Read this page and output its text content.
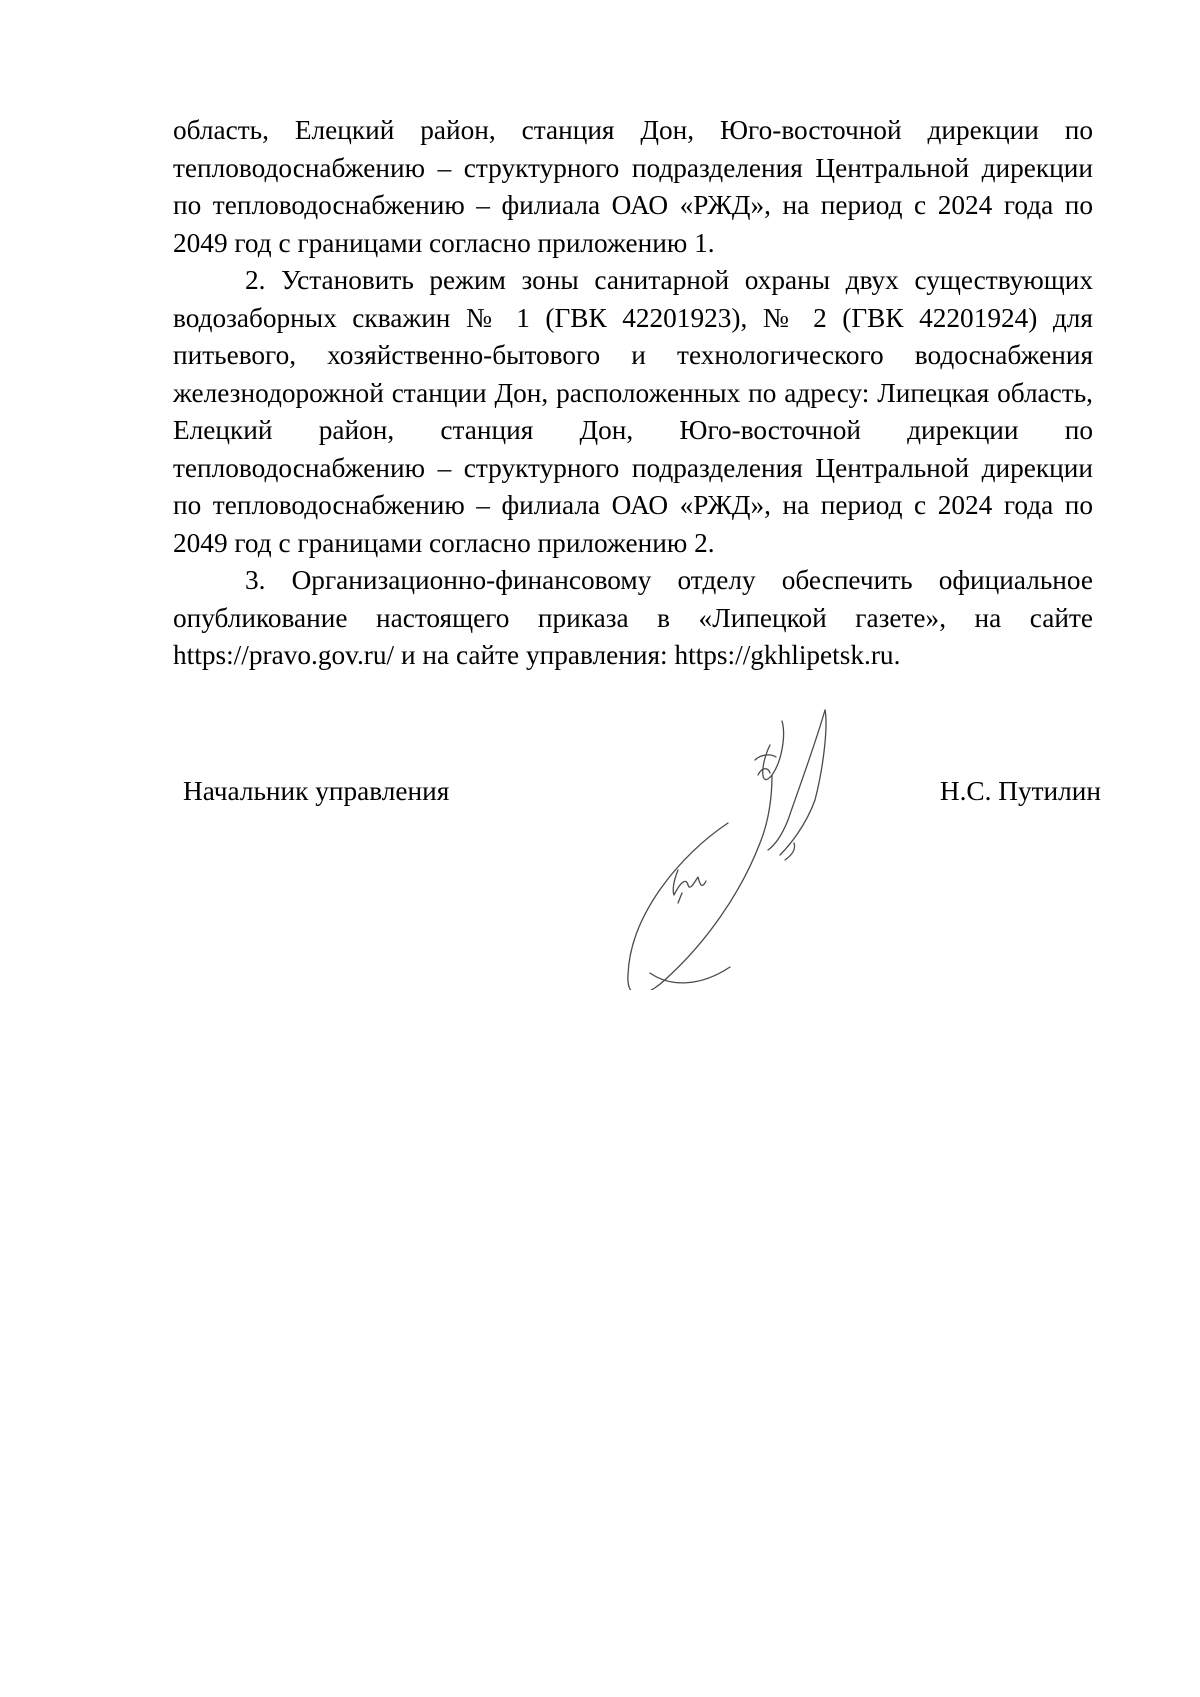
область, Елецкий район, станция Дон, Юго-восточной дирекции по тепловодоснабжению – структурного подразделения Центральной дирекции по тепловодоснабжению – филиала ОАО «РЖД», на период с 2024 года по 2049 год с границами согласно приложению 1.

2. Установить режим зоны санитарной охраны двух существующих водозаборных скважин № 1 (ГВК 42201923), № 2 (ГВК 42201924) для питьевого, хозяйственно-бытового и технологического водоснабжения железнодорожной станции Дон, расположенных по адресу: Липецкая область, Елецкий район, станция Дон, Юго-восточной дирекции по тепловодоснабжению – структурного подразделения Центральной дирекции по тепловодоснабжению – филиала ОАО «РЖД», на период с 2024 года по 2049 год с границами согласно приложению 2.

3. Организационно-финансовому отделу обеспечить официальное опубликование настоящего приказа в «Липецкой газете», на сайте https://pravo.gov.ru/ и на сайте управления: https://gkhlipetsk.ru.

Начальник управления	Н.С. Путилин
